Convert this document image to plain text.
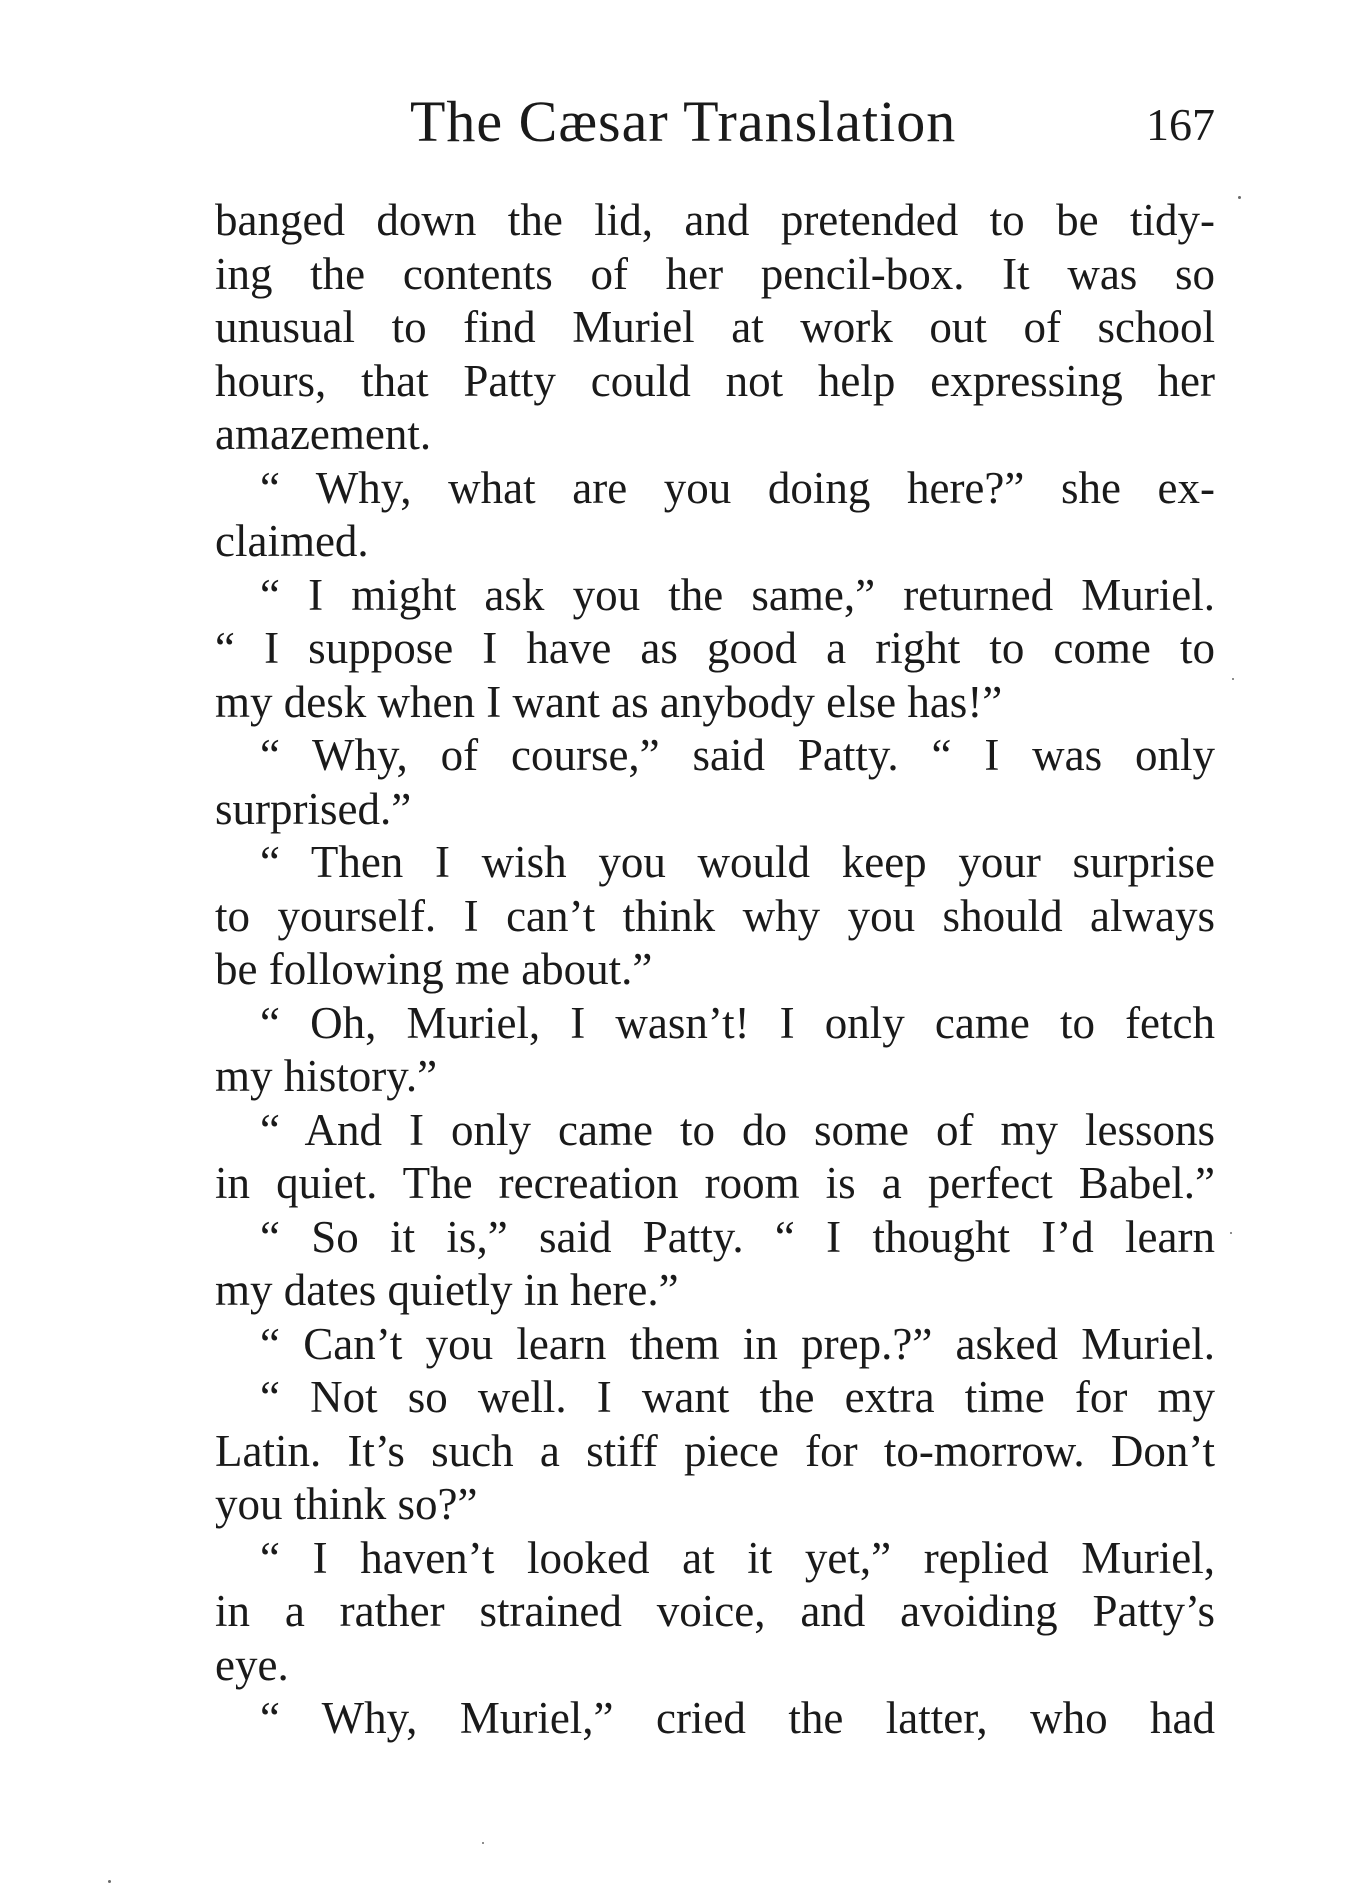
The Cæsar Translation	167
banged down the lid, and pretended to be tidy-
ing the contents of her pencil-box. It was so
unusual to find Muriel at work out of school
hours, that Patty could not help expressing her
amazement.
“ Why, what are you doing here?” she ex-
claimed.
“ I might ask you the same,” returned Muriel.
“ I suppose I have as good a right to come to
my desk when I want as anybody else has!”
“ Why, of course,” said Patty. “ I was only
surprised.”
“ Then I wish you would keep your surprise
to yourself. I can’t think why you should always
be following me about.”
“ Oh, Muriel, I wasn’t! I only came to fetch
my history.”
“ And I only came to do some of my lessons
in quiet. The recreation room is a perfect Babel.”
“ So it is,” said Patty. “ I thought I’d learn
my dates quietly in here.”
“ Can’t you learn them in prep.?” asked Muriel.
“ Not so well. I want the extra time for my
Latin. It’s such a stiff piece for to-morrow. Don’t
you think so?”
“ I haven’t looked at it yet,” replied Muriel,
in a rather strained voice, and avoiding Patty’s
eye.
“ Why, Muriel,” cried the latter, who had
